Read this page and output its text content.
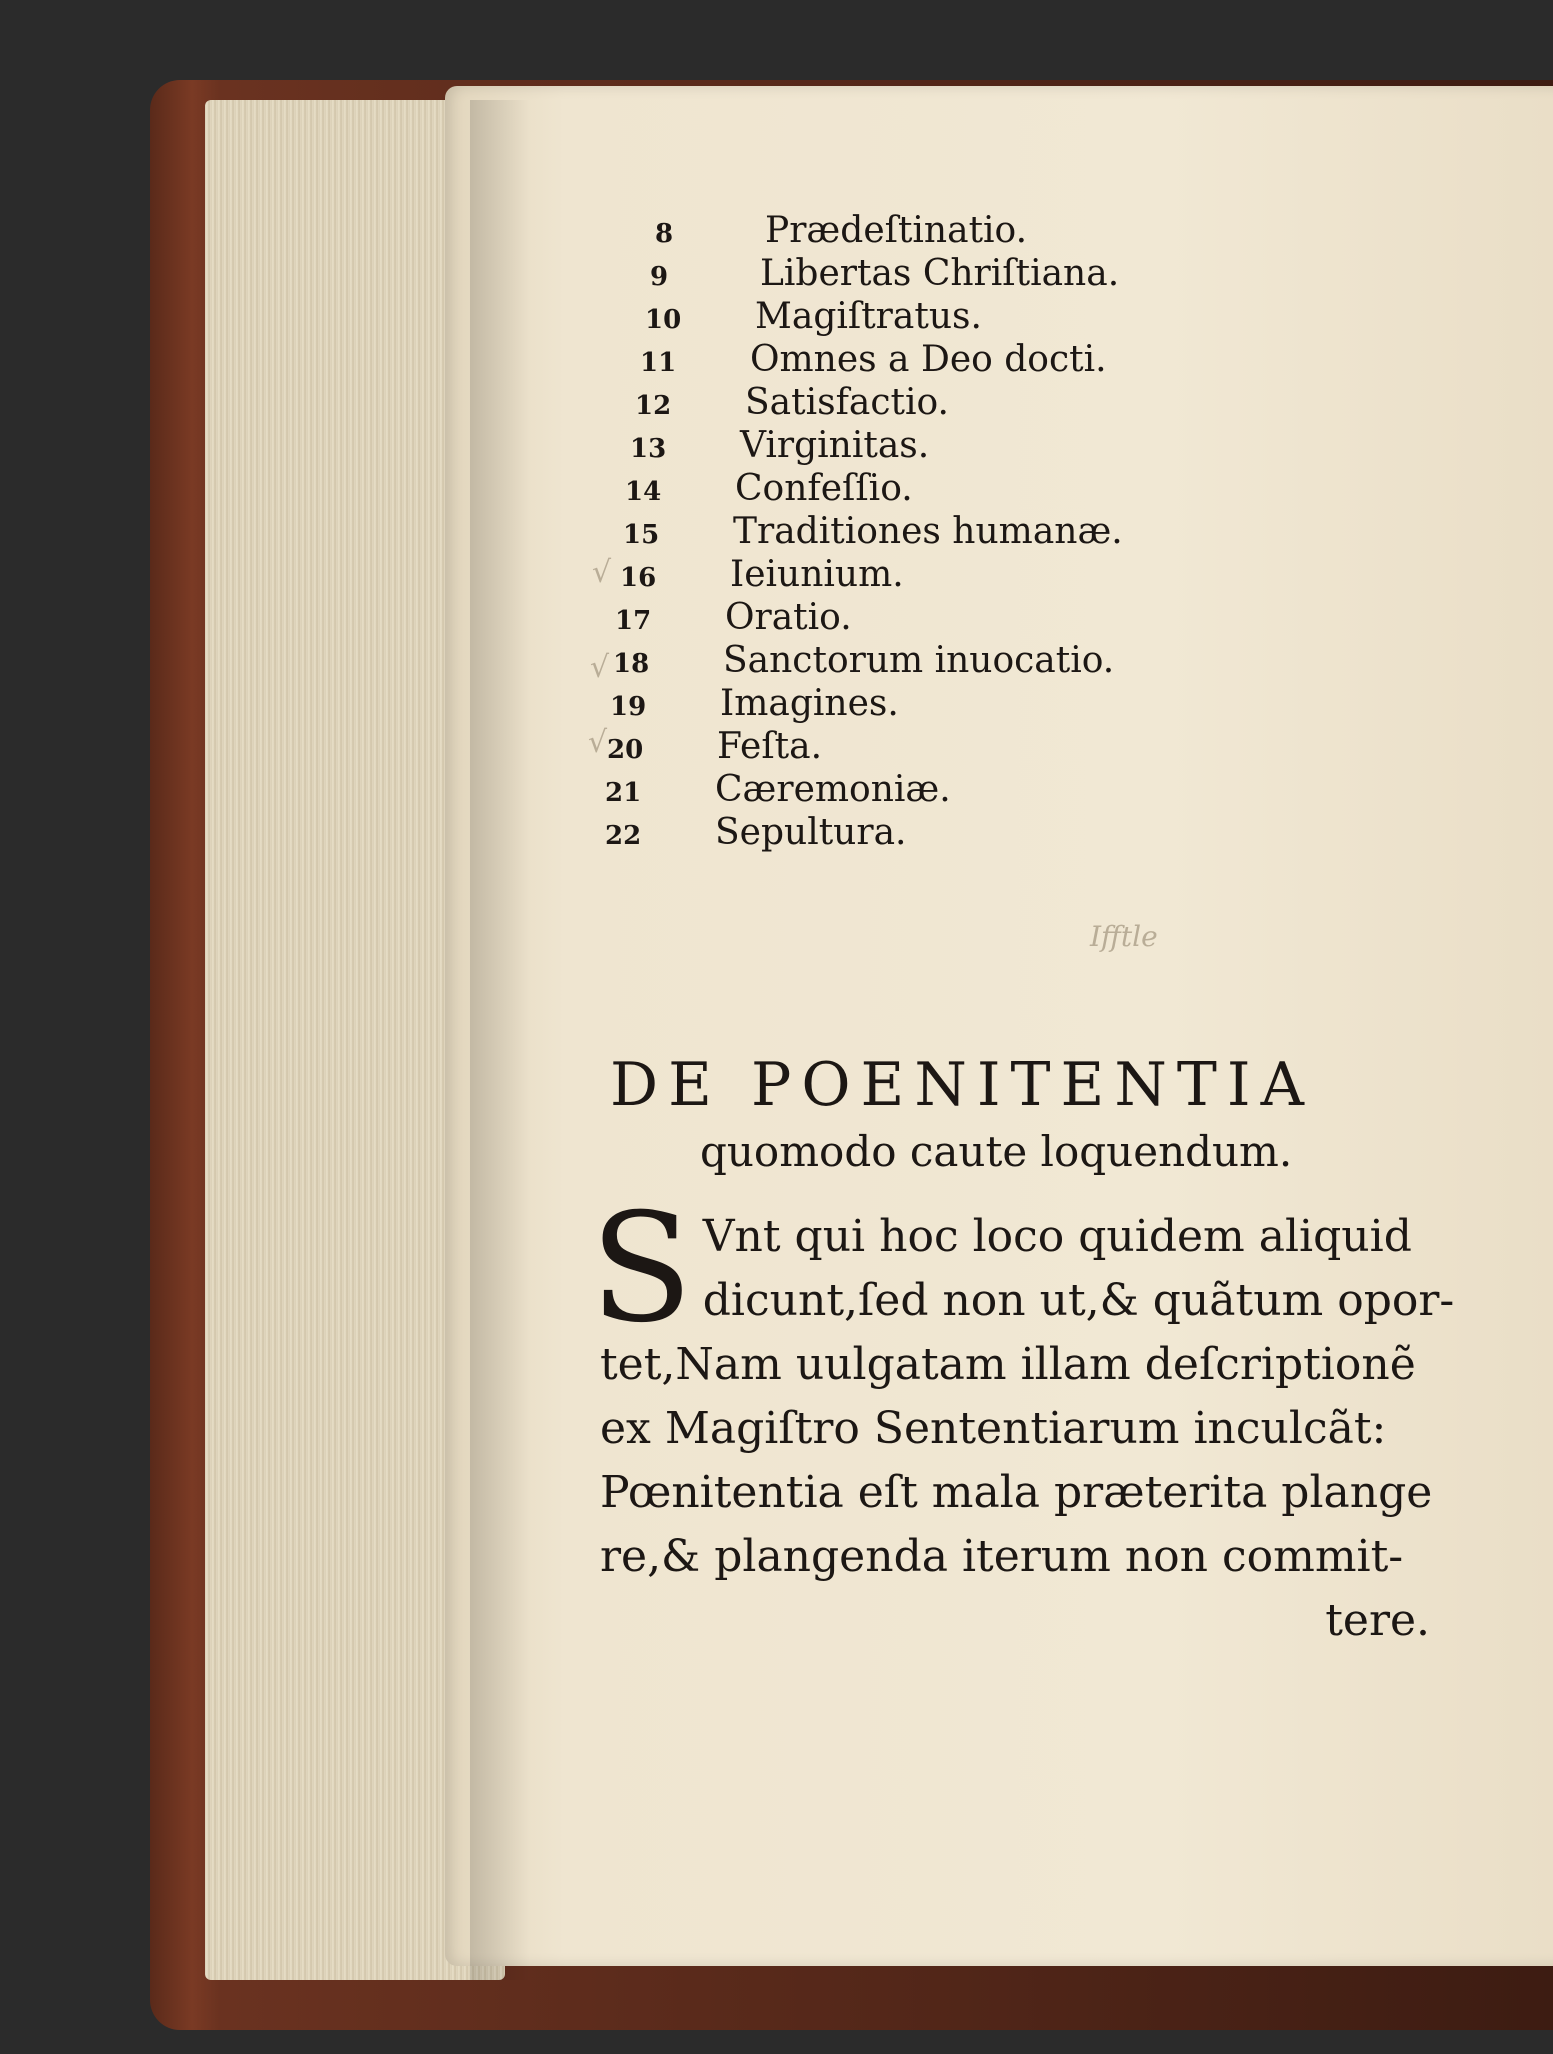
8	Prædeſtinatio.
9	Libertas Chriſtiana.
10	Magiſtratus.
11	Omnes a Deo docti.
12	Satisfactio.
13	Virginitas.
14	Confeſſio.
15	Traditiones humanæ.
16	Ieiunium.
17	Oratio.
18	Sanctorum inuocatio.
19	Imagines.
20	Feſta.
21	Cæremoniæ.
22	Sepultura.
√
√
√
Ifftle
DE POENITENTIA
quomodo caute loquendum.
S Vnt qui hoc loco quidem aliquid
dicunt,ſed non ut,& quãtum opor-
tet,Nam uulgatam illam deſcriptionẽ
ex Magiſtro Sententiarum inculcãt:
Pœnitentia eſt mala præterita plange
re,& plangenda iterum non commit-
tere.
